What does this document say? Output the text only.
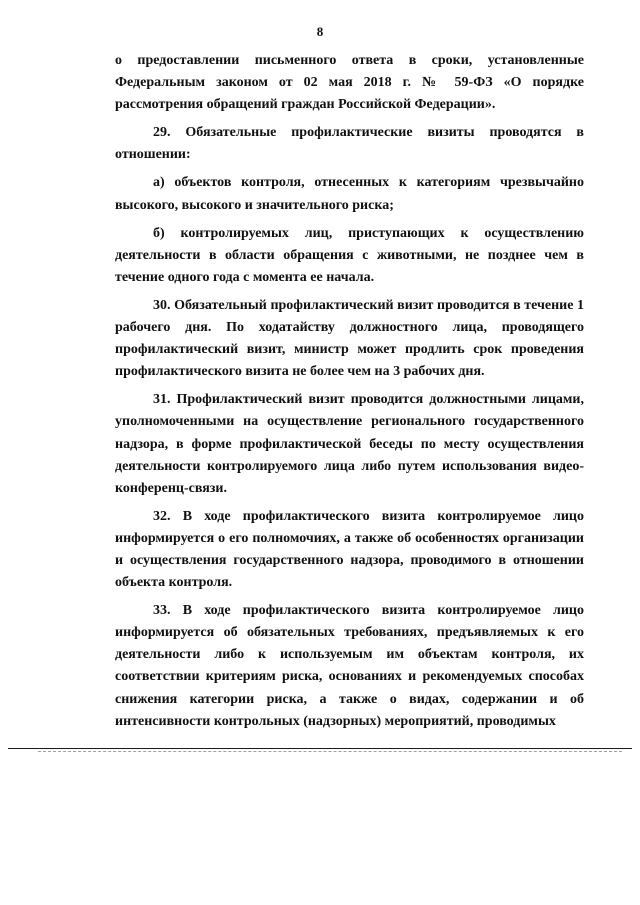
8

о предоставлении письменного ответа в сроки, установленные Федеральным законом от 02 мая 2018 г. № 59-ФЗ «О порядке рассмотрения обращений граждан Российской Федерации».

29. Обязательные профилактические визиты проводятся в отношении:

а) объектов контроля, отнесенных к категориям чрезвычайно высокого, высокого и значительного риска;

б) контролируемых лиц, приступающих к осуществлению деятельности в области обращения с животными, не позднее чем в течение одного года с момента ее начала.

30. Обязательный профилактический визит проводится в течение 1 рабочего дня. По ходатайству должностного лица, проводящего профилактический визит, министр может продлить срок проведения профилактического визита не более чем на 3 рабочих дня.

31. Профилактический визит проводится должностными лицами, уполномоченными на осуществление регионального государственного надзора, в форме профилактической беседы по месту осуществления деятельности контролируемого лица либо путем использования видео-конференц-связи.

32. В ходе профилактического визита контролируемое лицо информируется о его полномочиях, а также об особенностях организации и осуществления государственного надзора, проводимого в отношении объекта контроля.

33. В ходе профилактического визита контролируемое лицо информируется об обязательных требованиях, предъявляемых к его деятельности либо к используемым им объектам контроля, их соответствии критериям риска, основаниях и рекомендуемых способах снижения категории риска, а также о видах, содержании и об интенсивности контрольных (надзорных) мероприятий, проводимых
